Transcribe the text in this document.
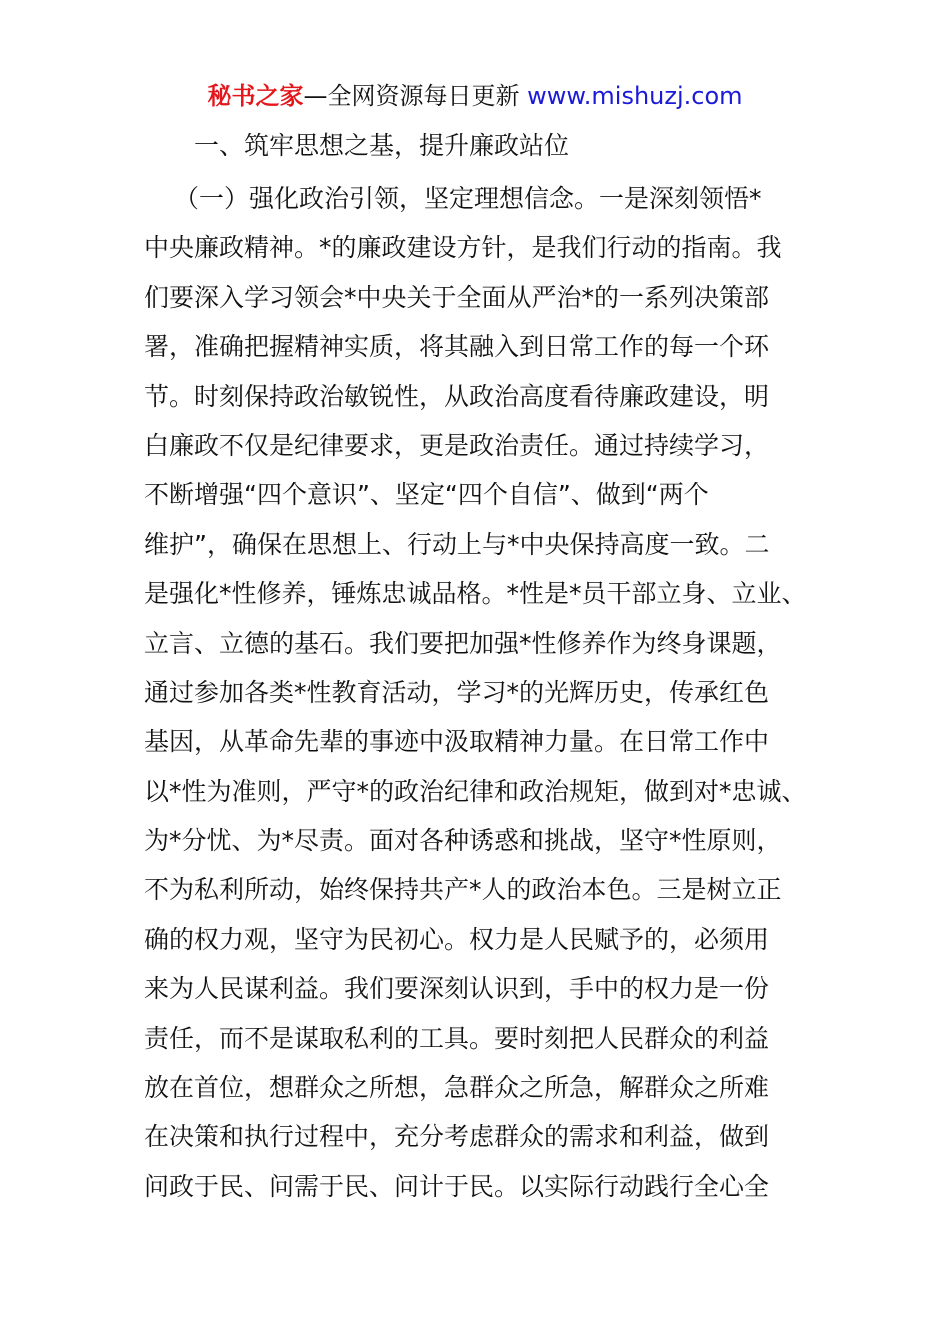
秘书之家—全网资源每日更新 www.mishuzj.com
一、筑牢思想之基，提升廉政站位
（一）强化政治引领，坚定理想信念。一是深刻领悟*
中央廉政精神。*的廉政建设方针，是我们行动的指南。我
们要深入学习领会*中央关于全面从严治*的一系列决策部
署，准确把握精神实质，将其融入到日常工作的每一个环
节。时刻保持政治敏锐性，从政治高度看待廉政建设，明
白廉政不仅是纪律要求，更是政治责任。通过持续学习，
不断增强“四个意识”、坚定“四个自信”、做到“两个
维护”，确保在思想上、行动上与*中央保持高度一致。二
是强化*性修养，锤炼忠诚品格。*性是*员干部立身、立业、
立言、立德的基石。我们要把加强*性修养作为终身课题，
通过参加各类*性教育活动，学习*的光辉历史，传承红色
基因，从革命先辈的事迹中汲取精神力量。在日常工作中
以*性为准则，严守*的政治纪律和政治规矩，做到对*忠诚、
为*分忧、为*尽责。面对各种诱惑和挑战，坚守*性原则，
不为私利所动，始终保持共产*人的政治本色。三是树立正
确的权力观，坚守为民初心。权力是人民赋予的，必须用
来为人民谋利益。我们要深刻认识到，手中的权力是一份
责任，而不是谋取私利的工具。要时刻把人民群众的利益
放在首位，想群众之所想，急群众之所急，解群众之所难
在决策和执行过程中，充分考虑群众的需求和利益，做到
问政于民、问需于民、问计于民。以实际行动践行全心全
